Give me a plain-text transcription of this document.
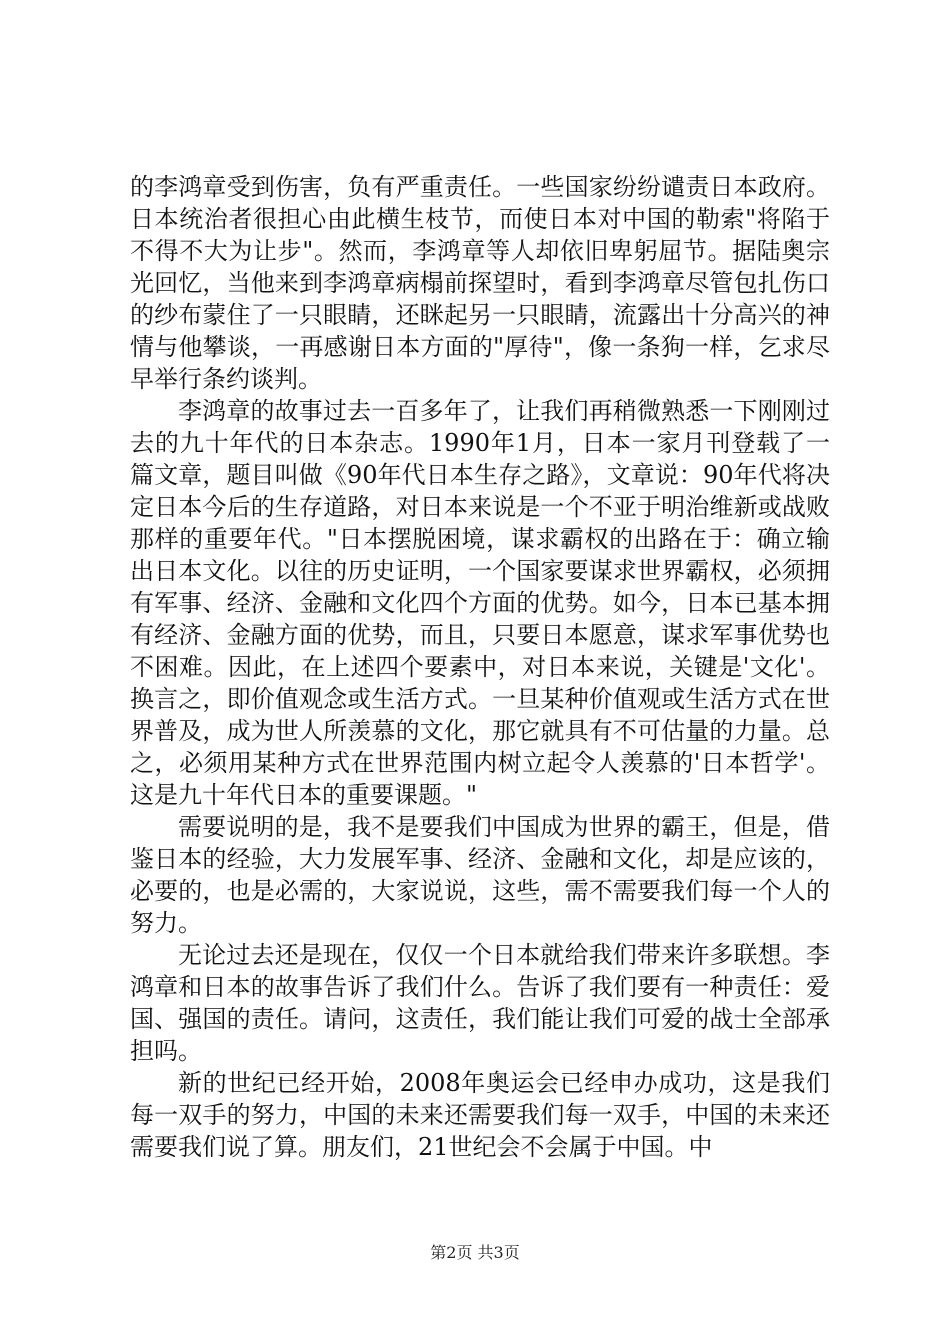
的李鸿章受到伤害，负有严重责任。一些国家纷纷谴责日本政府。日本统治者很担心由此横生枝节，而使日本对中国的勒索"将陷于不得不大为让步"。然而，李鸿章等人却依旧卑躬屈节。据陆奥宗光回忆，当他来到李鸿章病榻前探望时，看到李鸿章尽管包扎伤口的纱布蒙住了一只眼睛，还眯起另一只眼睛，流露出十分高兴的神情与他攀谈，一再感谢日本方面的"厚待"，像一条狗一样，乞求尽早举行条约谈判。

李鸿章的故事过去一百多年了，让我们再稍微熟悉一下刚刚过去的九十年代的日本杂志。1990年1月，日本一家月刊登载了一篇文章，题目叫做《90年代日本生存之路》，文章说：90年代将决定日本今后的生存道路，对日本来说是一个不亚于明治维新或战败那样的重要年代。"日本摆脱困境，谋求霸权的出路在于：确立输出日本文化。以往的历史证明，一个国家要谋求世界霸权，必须拥有军事、经济、金融和文化四个方面的优势。如今，日本已基本拥有经济、金融方面的优势，而且，只要日本愿意，谋求军事优势也不困难。因此，在上述四个要素中，对日本来说，关键是'文化'。换言之，即价值观念或生活方式。一旦某种价值观或生活方式在世界普及，成为世人所羡慕的文化，那它就具有不可估量的力量。总之，必须用某种方式在世界范围内树立起令人羡慕的'日本哲学'。这是九十年代日本的重要课题。"

需要说明的是，我不是要我们中国成为世界的霸王，但是，借鉴日本的经验，大力发展军事、经济、金融和文化，却是应该的，必要的，也是必需的，大家说说，这些，需不需要我们每一个人的努力。

无论过去还是现在，仅仅一个日本就给我们带来许多联想。李鸿章和日本的故事告诉了我们什么。告诉了我们要有一种责任：爱国、强国的责任。请问，这责任，我们能让我们可爱的战士全部承担吗。

新的世纪已经开始，2008年奥运会已经申办成功，这是我们每一双手的努力，中国的未来还需要我们每一双手，中国的未来还需要我们说了算。朋友们，21世纪会不会属于中国。中

第2页 共3页
